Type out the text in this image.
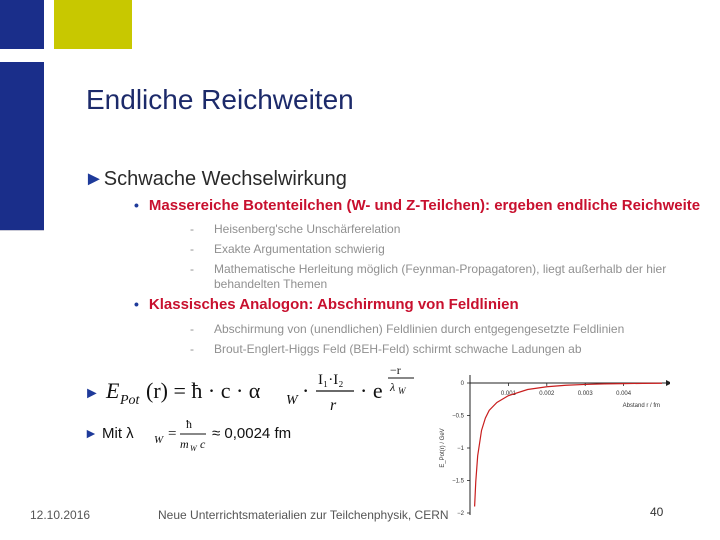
Endliche Reichweiten
►Schwache Wechselwirkung
• Massereiche Botenteilchen (W- und Z-Teilchen): ergeben endliche Reichweite
- Heisenberg'sche Unschärferelation
- Exakte Argumentation schwierig
- Mathematische Herleitung möglich (Feynman-Propagatoren), liegt außerhalb der hier
behandelten Themen
• Klassisches Analogon: Abschirmung von Feldlinien
- Abschirmung von (unendlichen) Feldlinien durch entgegengesetzte Feldlinien
- Brout-Englert-Higgs Feld (BEH-Feld) schirmt schwache Ladungen ab
► E Pot (r) = ħ · c · α W · I₁·I₂
r
· e
−r
λ W
► Mit λ W =
ħ
m W c
≈ 0,0024 fm
0.001	0.002	0.003	0.004
0
−0.5
−1
−1.5
−2
Abstand r / fm
E_Pot(r) / GeV
12.10.2016	Neue Unterrichtsmaterialien zur Teilchenphysik, CERN	40
